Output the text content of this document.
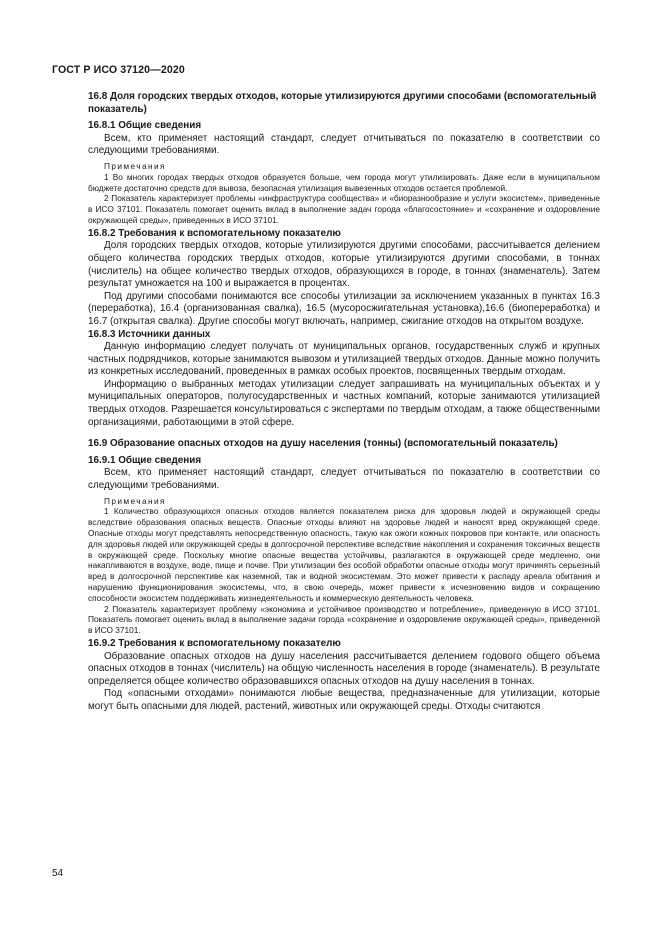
ГОСТ Р ИСО 37120—2020

16.8 Доля городских твердых отходов, которые утилизируются другими способами (вспомогательный показатель)

16.8.1 Общие сведения

Всем, кто применяет настоящий стандарт, следует отчитываться по показателю в соответствии со следующими требованиями.

Примечания

1 Во многих городах твердых отходов образуется больше, чем города могут утилизировать. Даже если в муниципальном бюджете достаточно средств для вывоза, безопасная утилизация вывезенных отходов остается проблемой.

2 Показатель характеризует проблемы «инфраструктура сообщества» и «биоразнообразие и услуги экосистем», приведенные в ИСО 37101. Показатель помогает оценить вклад в выполнение задач города «благосостояние» и «сохранение и оздоровление окружающей среды», приведенных в ИСО 37101.

16.8.2 Требования к вспомогательному показателю

Доля городских твердых отходов, которые утилизируются другими способами, рассчитывается делением общего количества городских твердых отходов, которые утилизируются другими способами, в тоннах (числитель) на общее количество твердых отходов, образующихся в городе, в тоннах (знаменатель). Затем результат умножается на 100 и выражается в процентах.

Под другими способами понимаются все способы утилизации за исключением указанных в пунктах 16.3 (переработка), 16.4 (организованная свалка), 16.5 (мусоросжигательная установка),16.6 (биопереработка) и 16.7 (открытая свалка). Другие способы могут включать, например, сжигание отходов на открытом воздухе.

16.8.3 Источники данных

Данную информацию следует получать от муниципальных органов, государственных служб и крупных частных подрядчиков, которые занимаются вывозом и утилизацией твердых отходов. Данные можно получить из конкретных исследований, проведенных в рамках особых проектов, посвященных твердым отходам.

Информацию о выбранных методах утилизации следует запрашивать на муниципальных объектах и у муниципальных операторов, полугосударственных и частных компаний, которые занимаются утилизацией твердых отходов. Разрешается консультироваться с экспертами по твердым отходам, а также общественными организациями, работающими в этой сфере.

16.9 Образование опасных отходов на душу населения (тонны) (вспомогательный показатель)

16.9.1 Общие сведения

Всем, кто применяет настоящий стандарт, следует отчитываться по показателю в соответствии со следующими требованиями.

Примечания

1 Количество образующихся опасных отходов является показателем риска для здоровья людей и окружающей среды вследствие образования опасных веществ. Опасные отходы влияют на здоровье людей и наносят вред окружающей среде. Опасные отходы могут представлять непосредственную опасность, такую как ожоги кожных покровов при контакте, или опасность для здоровья людей или окружающей среды в долгосрочной перспективе вследствие накопления и сохранения токсичных веществ в окружающей среде. Поскольку многие опасные вещества устойчивы, разлагаются в окружающей среде медленно, они накапливаются в воздухе, воде, пище и почве. При утилизации без особой обработки опасные отходы могут причинять серьезный вред в долгосрочной перспективе как наземной, так и водной экосистемам. Это может привести к распаду ареала обитания и нарушению функционирования экосистемы, что, в свою очередь, может привести к исчезновению видов и сокращению способности экосистем поддерживать жизнедеятельность и коммерческую деятельность человека.

2 Показатель характеризует проблему «экономика и устойчивое производство и потребление», приведенную в ИСО 37101. Показатель помогает оценить вклад в выполнение задачи города «сохранение и оздоровление окружающей среды», приведенной в ИСО 37101.

16.9.2 Требования к вспомогательному показателю

Образование опасных отходов на душу населения рассчитывается делением годового общего объема опасных отходов в тоннах (числитель) на общую численность населения в городе (знаменатель). В результате определяется общее количество образовавшихся опасных отходов на душу населения в тоннах.

Под «опасными отходами» понимаются любые вещества, предназначенные для утилизации, которые могут быть опасными для людей, растений, животных или окружающей среды. Отходы считаются

54
